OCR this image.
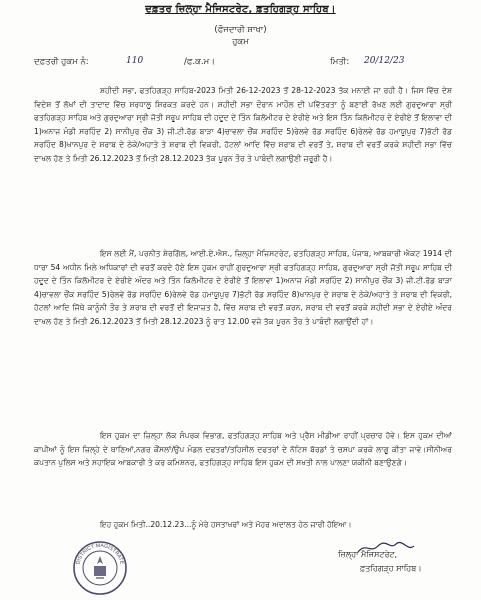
ਦਫ਼ਤਰ ਜ਼ਿਲ੍ਹਾ ਮੈਜਿਸਟਰੇਟ, ਫ਼ਤਹਿਗੜ੍ਹ ਸਾਹਿਬ।
(ਫੌਜਦਾਰੀ ਸ਼ਾਖਾ)
ਹੁਕਮ
ਦਫ਼ਤਰੀ ਹੁਕਮ ਨੰ:	110	/ਫ.ਕ.ਮ।	ਮਿਤੀ: 20/12/23
ਸ਼ਹੀਦੀ ਸਭਾ, ਫਤਹਿਗੜ੍ਹ ਸਾਹਿਬ-2023 ਮਿਤੀ 26-12-2023 ਤੋਂ 28-12-2023 ਤੱਕ ਮਨਾਈ ਜਾ ਰਹੀ ਹੈ। ਜਿਸ ਵਿੱਚ ਦੇਸ਼ ਵਿਦੇਸ਼ ਤੋਂ ਲੱਖਾਂ ਦੀ ਤਾਦਾਦ ਵਿੱਚ ਸ਼ਰਧਾਲੂ ਸ਼ਿਰਕਤ ਕਰਦੇ ਹਨ। ਸ਼ਹੀਦੀ ਸਭਾ ਦੌਰਾਨ ਮਾਹੌਲ ਦੀ ਪਵਿੱਤਰਤਾ ਨੂੰ ਬਣਾਈ ਰੱਖਣ ਲਈ ਗੁਰਦੁਆਰਾ ਸ੍ਰੀ ਫਤਹਿਗੜ੍ਹ ਸਾਹਿਬ ਅਤੇ ਗੁਰਦੁਆਰਾ ਸ੍ਰੀ ਜੋਤੀ ਸਰੂਪ ਸਾਹਿਬ ਦੀ ਹਦੂਦ ਦੇ ਤਿੰਨ ਕਿਲੋਮੀਟਰ ਦੇ ਏਰੀਏ ਅਤੇ ਇਸ ਤਿੰਨ ਕਿਲੋਮੀਟਰ ਦੇ ਏਰੀਏ ਤੋਂ ਇਲਾਵਾ ਦੀ 1)ਅਨਾਜ ਮੰਡੀ ਸਰਹਿੰਦ 2) ਸਾਨੀਪੁਰ ਚੌਂਕ 3) ਜੀ.ਟੀ.ਰੋਡ ਬਾੜਾ 4)ਚਾਵਲਾ ਚੌਂਕ ਸਰਹਿੰਦ 5)ਰੇਲਵੇ ਰੋਡ ਸਰਹਿੰਦ 6)ਰੇਲਵੇ ਰੋਡ ਹਮਾਯੂਪੁਰ 7)ਭੱਟੀ ਰੋਡ ਸਰਹਿੰਦ 8)ਖਾਨਪੁਰ ਦੇ ਸ਼ਰਾਬ ਦੇ ਠੇਕੇ/ਅਹਾਤੇ ਤੇ ਸ਼ਰਾਬ ਦੀ ਵਿਕਰੀ, ਹੋਟਲਾਂ ਆਦਿ ਵਿੱਚ ਸ਼ਰਾਬ ਦੀ ਵਰਤੋਂ ਤੇ, ਸ਼ਰਾਬ ਦੀ ਵਰਤੋਂ ਕਰਕੇ ਸ਼ਹੀਦੀ ਸਭਾ ਵਿੱਚ ਦਾਖਲ ਹੋਣ ਤੇ ਮਿਤੀ 26.12.2023 ਤੋਂ ਮਿਤੀ 28.12.2023 ਤੱਕ ਪੂਰਨ ਤੌਰ ਤੇ ਪਾਬੰਦੀ ਲਗਾਉਣੀ ਜ਼ਰੂਰੀ ਹੈ।
ਇਸ ਲਈ ਮੈਂ, ਪਰਨੀਤ ਸ਼ੇਰਗਿੱਲ, ਆਈ.ਏ.ਐਸ., ਜ਼ਿਲ੍ਹਾ ਮੈਜਿਸਟਰੇਟ, ਫਤਹਿਗੜ੍ਹ ਸਾਹਿਬ, ਪੰਜਾਬ, ਆਬਕਾਰੀ ਐਕਟ 1914 ਦੀ ਧਾਰਾ 54 ਅਧੀਨ ਮਿਲੇ ਅਧਿਕਾਰਾਂ ਦੀ ਵਰਤੋਂ ਕਰਦੇ ਹੋਏ ਇਸ ਹੁਕਮ ਰਾਹੀਂ ਗੁਰਦੁਆਰਾ ਸ੍ਰੀ ਫਤਹਿਗੜ੍ਹ ਸਾਹਿਬ, ਗੁਰਦੁਆਰਾ ਸ੍ਰੀ ਜੋਤੀ ਸਰੂਪ ਸਾਹਿਬ ਦੀ ਹਦੂਦ ਦੇ ਤਿੰਨ ਕਿਲੋਮੀਟਰ ਦੇ ਏਰੀਏ ਅੰਦਰ ਅਤੇ ਤਿੰਨ ਕਿਲੋਮੀਟਰ ਦੇ ਏਰੀਏ ਤੋਂ ਇਲਾਵਾ 1)ਅਨਾਜ ਮੰਡੀ ਸਰਹਿੰਦ 2) ਸਾਨੀਪੁਰ ਚੌਂਕ 3) ਜੀ.ਟੀ.ਰੋਡ ਬਾੜਾ 4)ਚਾਵਲਾ ਚੌਂਕ ਸਰਹਿੰਦ 5)ਰੇਲਵੇ ਰੋਡ ਸਰਹਿੰਦ 6)ਰੇਲਵੇ ਰੋਡ ਹਮਾਯੂਪੁਰ 7)ਭੱਟੀ ਰੋਡ ਸਰਹਿੰਦ 8)ਖਾਨਪੁਰ ਦੇ ਸ਼ਰਾਬ ਦੇ ਠੇਕੇ/ਅਹਾਤੇ ਤੇ ਸ਼ਰਾਬ ਦੀ ਵਿਕਰੀ, ਹੋਟਲਾਂ ਆਦਿ ਜਿੱਥੇ ਕਾਨੂੰਨੀ ਤੌਰ ਤੇ ਸ਼ਰਾਬ ਦੀ ਵਰਤੋਂ ਦੀ ਇਜਾਜ਼ਤ ਹੈ, ਵਿੱਚ ਸ਼ਰਾਬ ਦੀ ਵਰਤੋਂ ਕਰਨ, ਸ਼ਰਾਬ ਦੀ ਵਰਤੋਂ ਕਰਕੇ ਸ਼ਹੀਦੀ ਸਭਾ ਦੇ ਏਰੀਏ ਅੰਦਰ ਦਾਖਲ ਹੋਣ ਤੇ ਮਿਤੀ 26.12.2023 ਤੋਂ ਮਿਤੀ 28.12.2023 ਨੂੰ ਰਾਤ 12.00 ਵਜੇ ਤੱਕ ਪੂਰਨ ਤੌਰ ਤੇ ਪਾਬੰਦੀ ਲਗਾਉਂਦੀ ਹਾਂ।
ਇਸ ਹੁਕਮ ਦਾ ਜ਼ਿਲ੍ਹਾ ਲੋਕ ਸੰਪਰਕ ਵਿਭਾਗ, ਫਤਹਿਗੜ੍ਹ ਸਾਹਿਬ ਅਤੇ ਪ੍ਰੈਸ ਮੀਡੀਆ ਰਾਹੀਂ ਪ੍ਰਚਾਰ ਹੋਵੇ। ਇਸ ਹੁਕਮ ਦੀਆਂ ਕਾਪੀਆਂ ਨੂੰ ਇਸ ਜ਼ਿਲ੍ਹੇ ਦੇ ਥਾਣਿਆਂ,ਨਗਰ ਕੌਂਸਲਾਂ/ਉਪ ਮੰਡਲ ਦਫਤਰਾਂ/ਤਹਿਸੀਲ ਦਫਤਰਾਂ ਦੇ ਨੋਟਿਸ ਬੋਰਡਾਂ ਤੇ ਚਸਪਾ ਕਰਕੇ ਲਾਗੂ ਕੀਤਾ ਜਾਵੇ।ਸੀਨੀਅਰ ਕਪਤਾਨ ਪੁਲਿਸ ਅਤੇ ਸਹਾਇਕ ਆਬਕਾਰੀ ਤੇ ਕਰ ਕਮਿਸ਼ਨਰ, ਫਤਹਿਗੜ੍ਹ ਸਾਹਿਬ ਇਸ ਹੁਕਮ ਦੀ ਸਖਤੀ ਨਾਲ ਪਾਲਣਾ ਯਕੀਨੀ ਬਣਾਉਣਗੇ।
ਇਹ ਹੁਕਮ ਮਿਤੀ..20.12.23...ਨੂੰ ਮੇਰੇ ਹਸਤਾਖਰਾਂ ਅਤੇ ਮੋਹਰ ਅਦਾਲਤ ਹੇਠ ਜਾਰੀ ਹੋਇਆ।
DISTRICT MAGISTRATE
ਜ਼ਿਲ੍ਹਾ ਮੈਜਿਸਟਰੇਟ,
ਫ਼ਤਹਿਗੜ੍ਹ ਸਾਹਿਬ।
